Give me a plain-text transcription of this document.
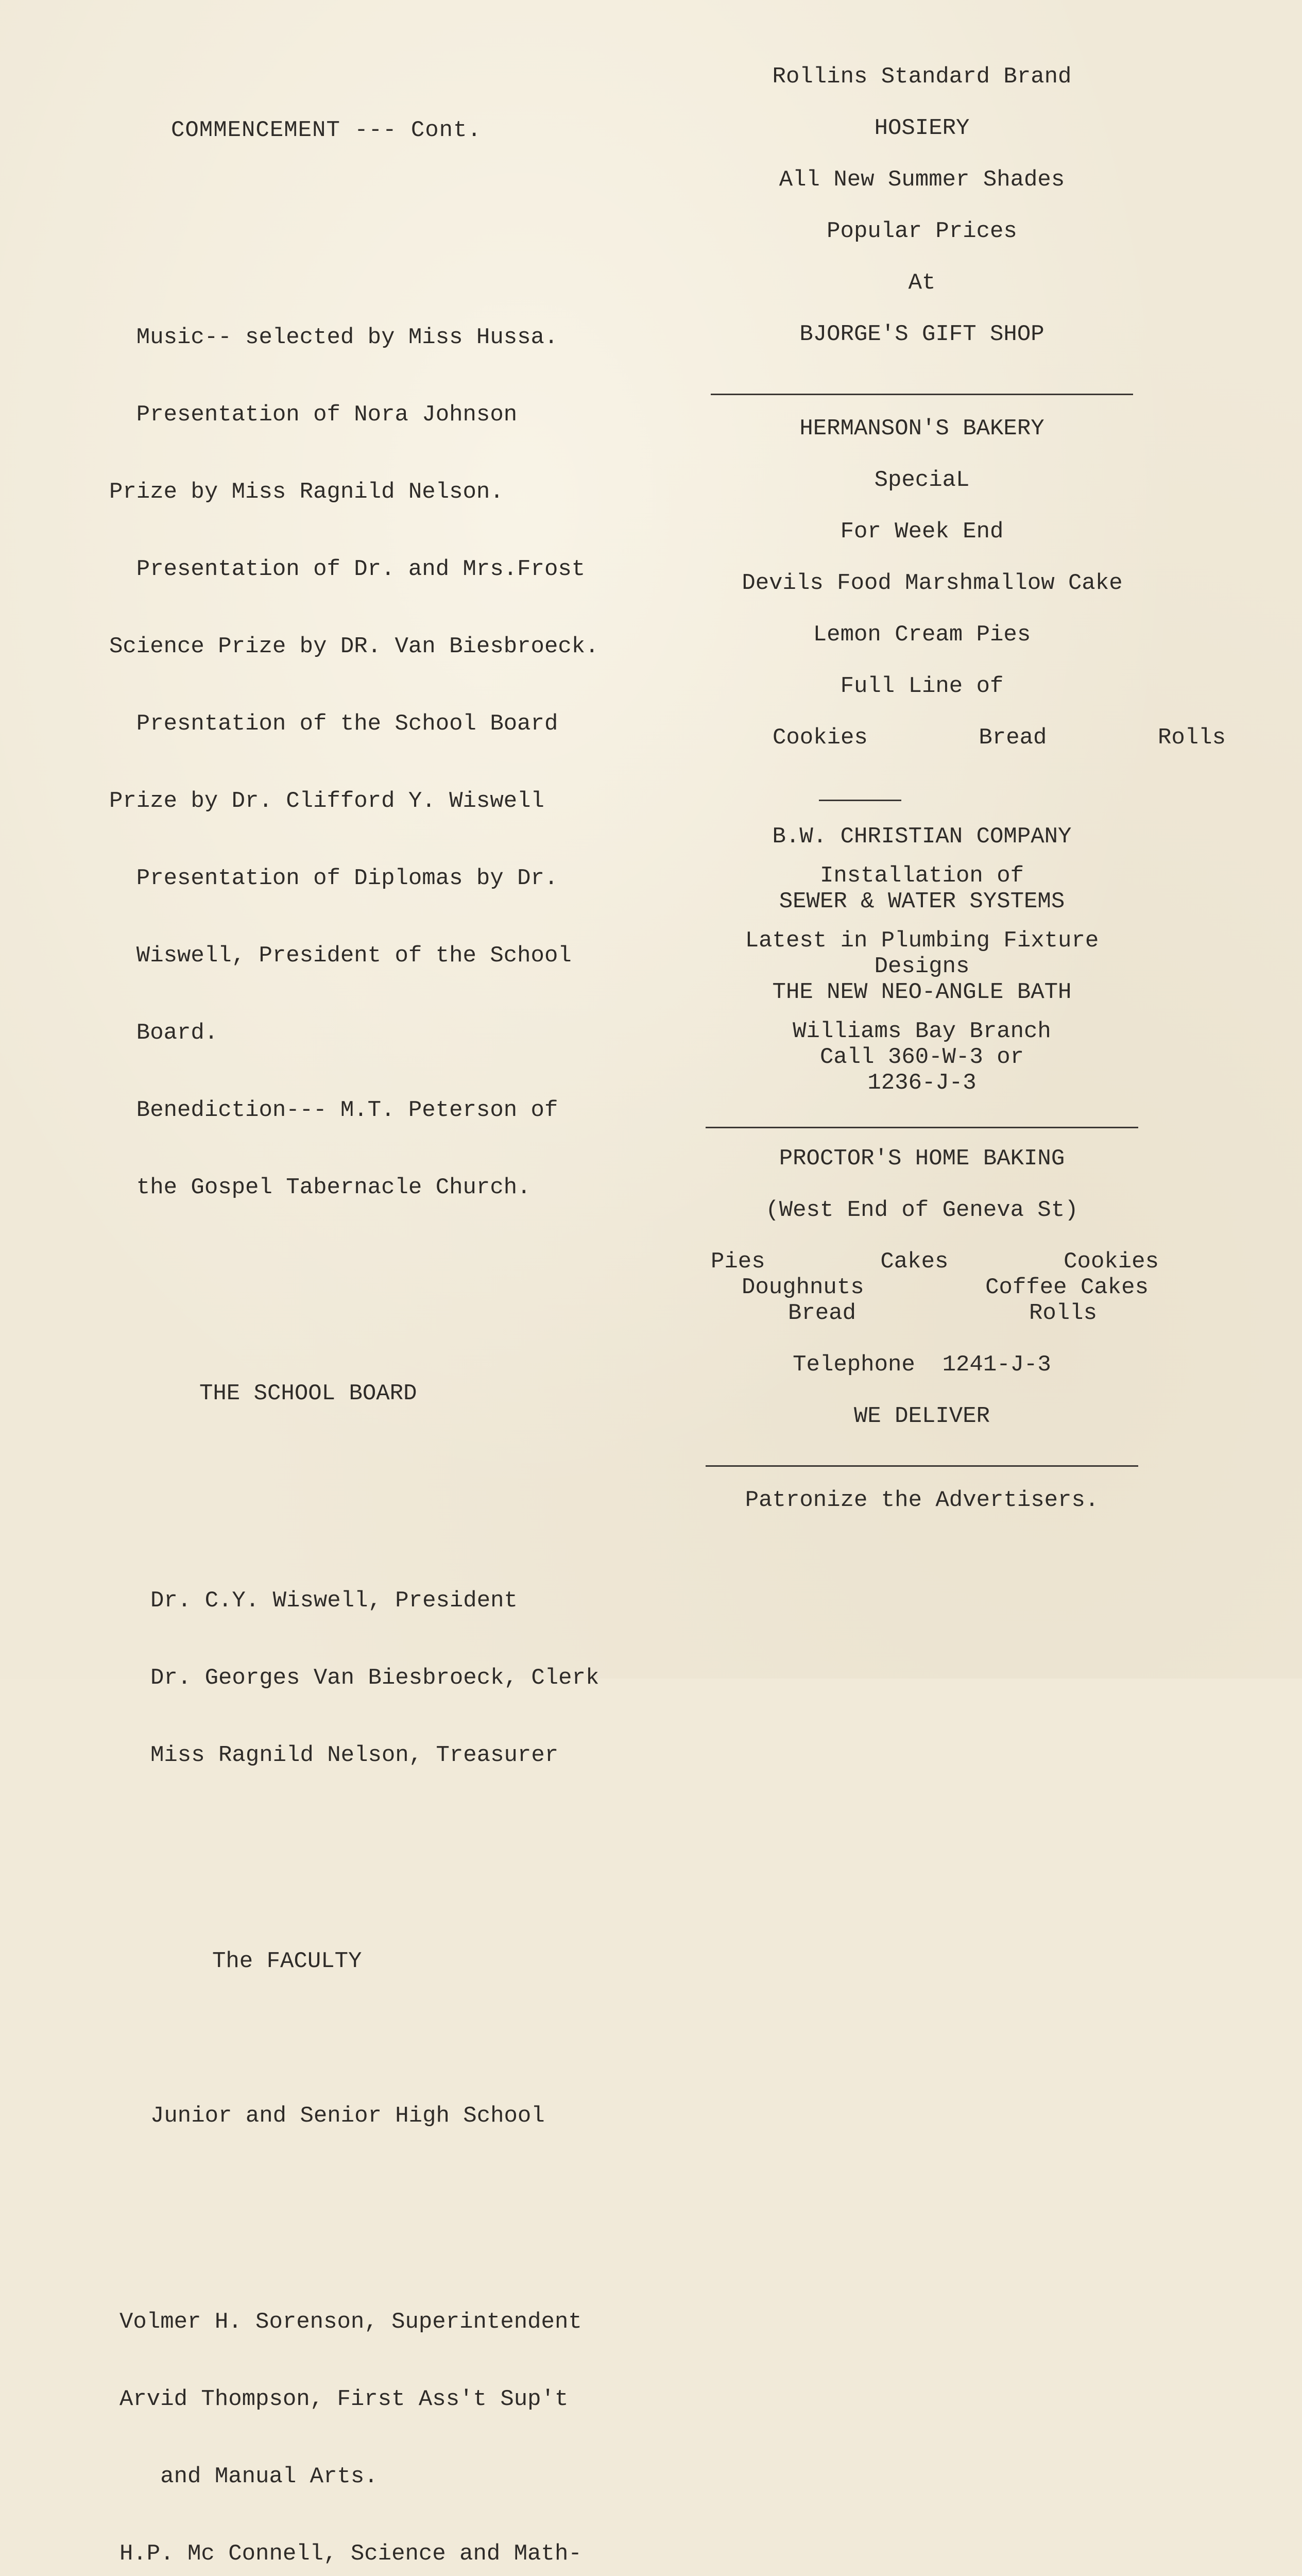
COMMENCEMENT --- Cont.

Music-- selected by Miss Hussa.

Presentation of Nora Johnson

Prize by Miss Ragnild Nelson.

Presentation of Dr. and Mrs.Frost

Science Prize by DR. Van Biesbroeck.

Presntation of the School Board

Prize by Dr. Clifford Y. Wiswell

Presentation of Diplomas by Dr.

Wiswell, President of the School

Board.

Benediction--- M.T. Peterson of

the Gospel Tabernacle Church.

THE SCHOOL BOARD

Dr. C.Y. Wiswell, President

Dr. Georges Van Biesbroeck, Clerk

Miss Ragnild Nelson, Treasurer

The FACULTY

Junior and Senior High School

Volmer H. Sorenson, Superintendent

Arvid Thompson, First Ass't Sup't

and Manual Arts.

H.P. Mc Connell, Science and Math-

Rollins Standard Brand
HOSIERY
All New Summer Shades
Popular Prices
At
BJORGE'S GIFT SHOP
HERMANSON'S BAKERY
SpeciaL
For Week End
Devils Food Marshmallow Cake
Lemon Cream Pies
Full Line of
Cookies	Bread	Rolls
B.W. CHRISTIAN COMPANY
Installation of
SEWER & WATER SYSTEMS
Latest in Plumbing Fixture
Designs
THE NEW NEO-ANGLE BATH
Williams Bay Branch
Call 360-W-3 or
1236-J-3
PROCTOR'S HOME BAKING
(West End of Geneva St)
Pies	Cakes	Cookies
Doughnuts	Coffee Cakes
Bread	Rolls
Telephone  1241-J-3
WE DELIVER
Patronize the Advertisers.
